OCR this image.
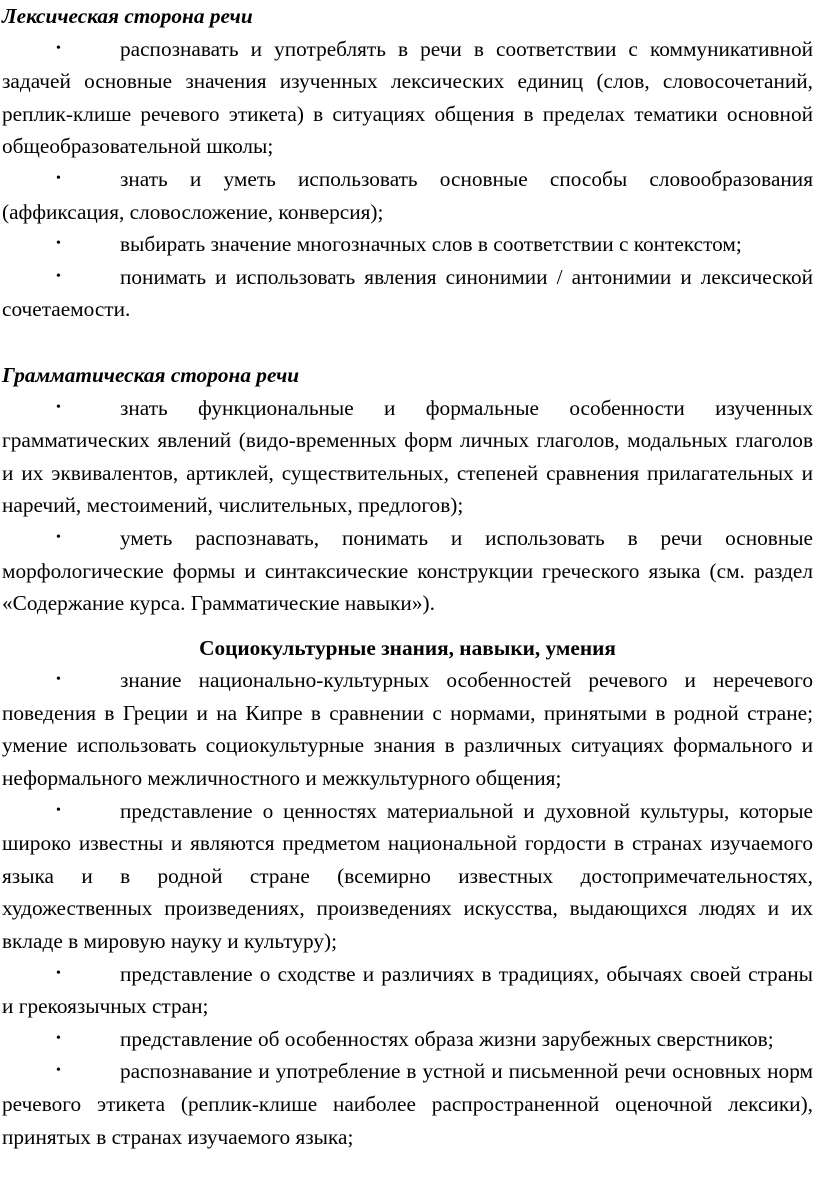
Лексическая сторона речи

•	распознавать и употреблять в речи в соответствии с коммуникативной задачей основные значения изученных лексических единиц (слов, словосочетаний, реплик-клише речевого этикета) в ситуациях общения в пределах тематики основной общеобразовательной школы;

•	знать и уметь использовать основные способы словообразования (аффиксация, словосложение, конверсия);

•	выбирать значение многозначных слов в соответствии с контекстом;

•	понимать и использовать явления синонимии / антонимии и лексической сочетаемости.

Грамматическая сторона речи

•	знать функциональные и формальные особенности изученных грамматических явлений (видо-временных форм личных глаголов, модальных глаголов и их эквивалентов, артиклей, существительных, степеней сравнения прилагательных и наречий, местоимений, числительных, предлогов);

•	уметь распознавать, понимать и использовать в речи основные морфологические формы и синтаксические конструкции греческого языка (см. раздел «Содержание курса. Грамматические навыки»).

Социокультурные знания, навыки, умения

•	знание национально-культурных особенностей речевого и неречевого поведения в Греции и на Кипре в сравнении с нормами, принятыми в родной стране; умение использовать социокультурные знания в различных ситуациях формального и неформального межличностного и межкультурного общения;

•	представление о ценностях материальной и духовной культуры, которые широко известны и являются предметом национальной гордости в странах изучаемого языка и в родной стране (всемирно известных достопримечательностях, художественных произведениях, произведениях искусства, выдающихся людях и их вкладе в мировую науку и культуру);

•	представление о сходстве и различиях в традициях, обычаях своей страны и грекоязычных стран;

•	представление об особенностях образа жизни зарубежных сверстников;

•	распознавание и употребление в устной и письменной речи основных норм речевого этикета (реплик-клише наиболее распространенной оценочной лексики), принятых в странах изучаемого языка;
